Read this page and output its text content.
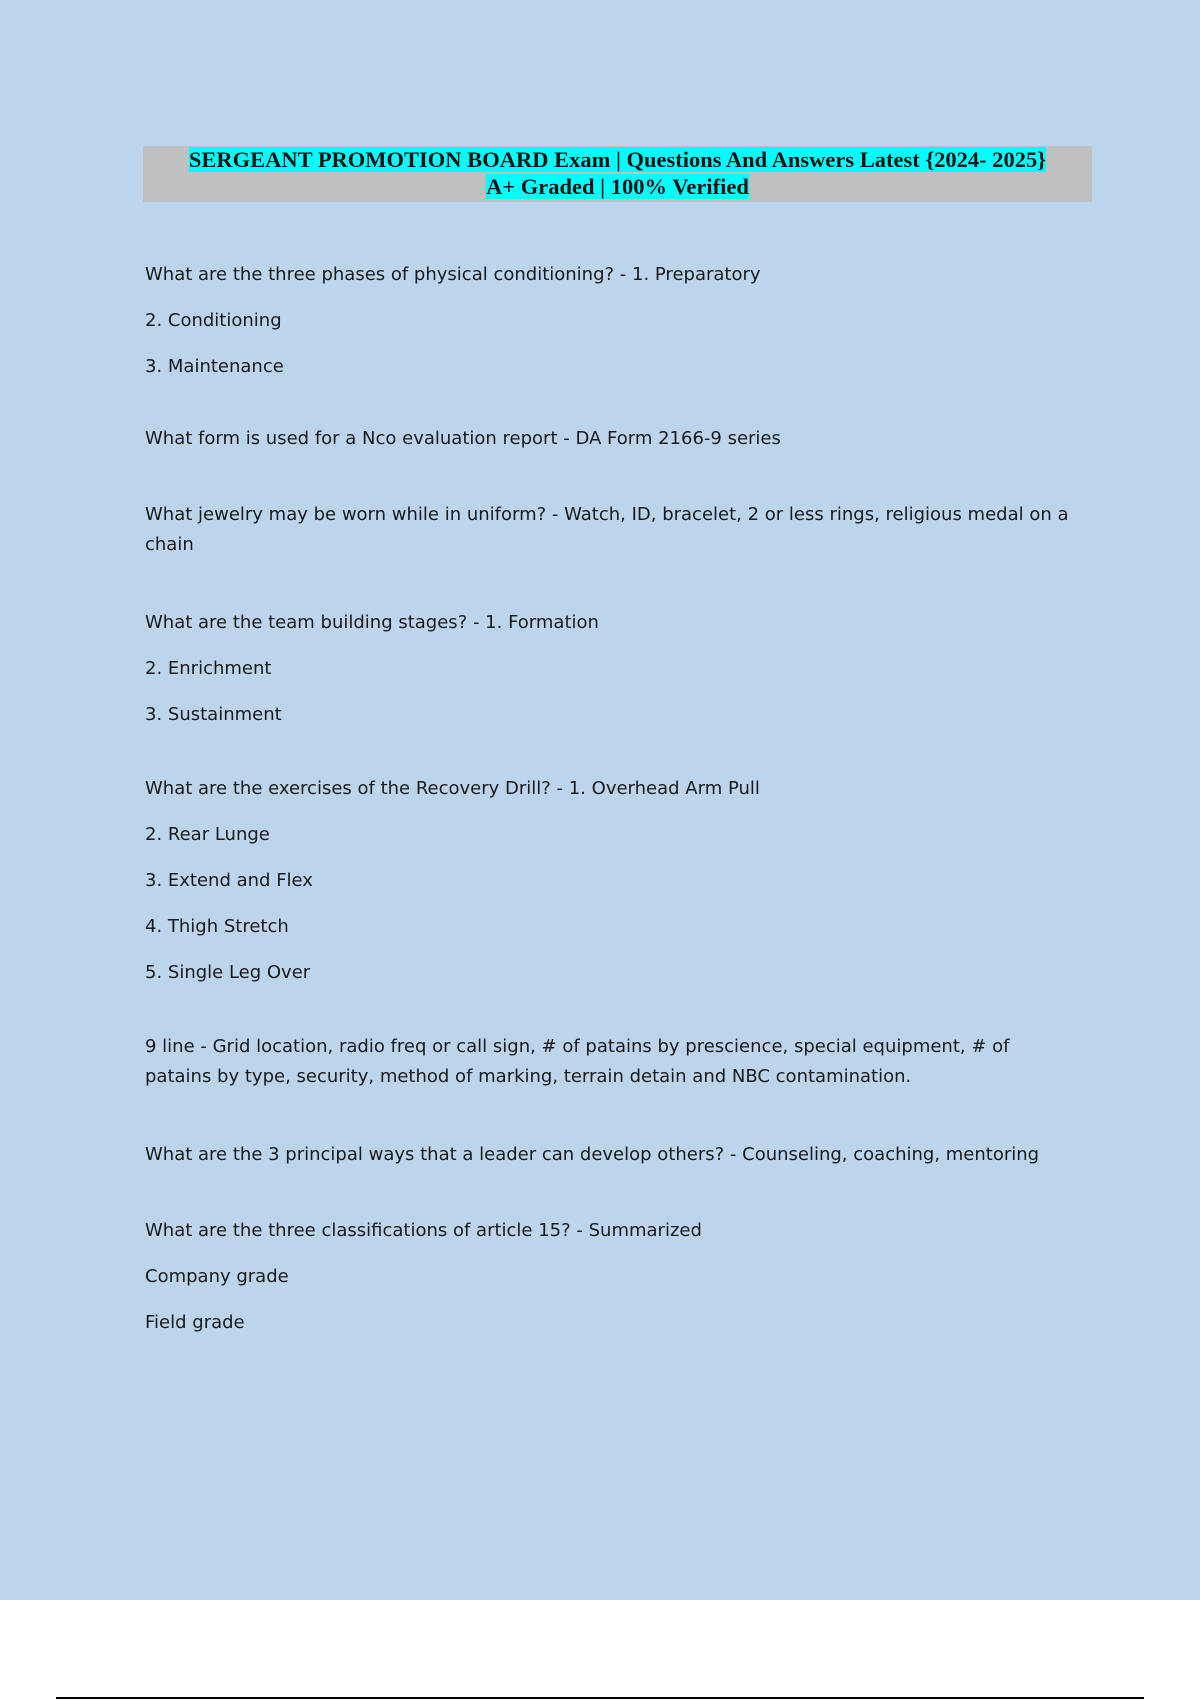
SERGEANT PROMOTION BOARD Exam | Questions And Answers Latest {2024- 2025}
A+ Graded | 100% Verified

What are the three phases of physical conditioning? - 1. Preparatory

2. Conditioning

3. Maintenance

What form is used for a Nco evaluation report - DA Form 2166-9 series

What jewelry may be worn while in uniform? - Watch, ID, bracelet, 2 or less rings, religious medal on a chain

What are the team building stages? - 1. Formation

2. Enrichment

3. Sustainment

What are the exercises of the Recovery Drill? - 1. Overhead Arm Pull

2. Rear Lunge

3. Extend and Flex

4. Thigh Stretch

5. Single Leg Over

9 line - Grid location, radio freq or call sign, # of patains by prescience, special equipment, # of patains by type, security, method of marking, terrain detain and NBC contamination.

What are the 3 principal ways that a leader can develop others? - Counseling, coaching, mentoring

What are the three classifications of article 15? - Summarized

Company grade

Field grade
